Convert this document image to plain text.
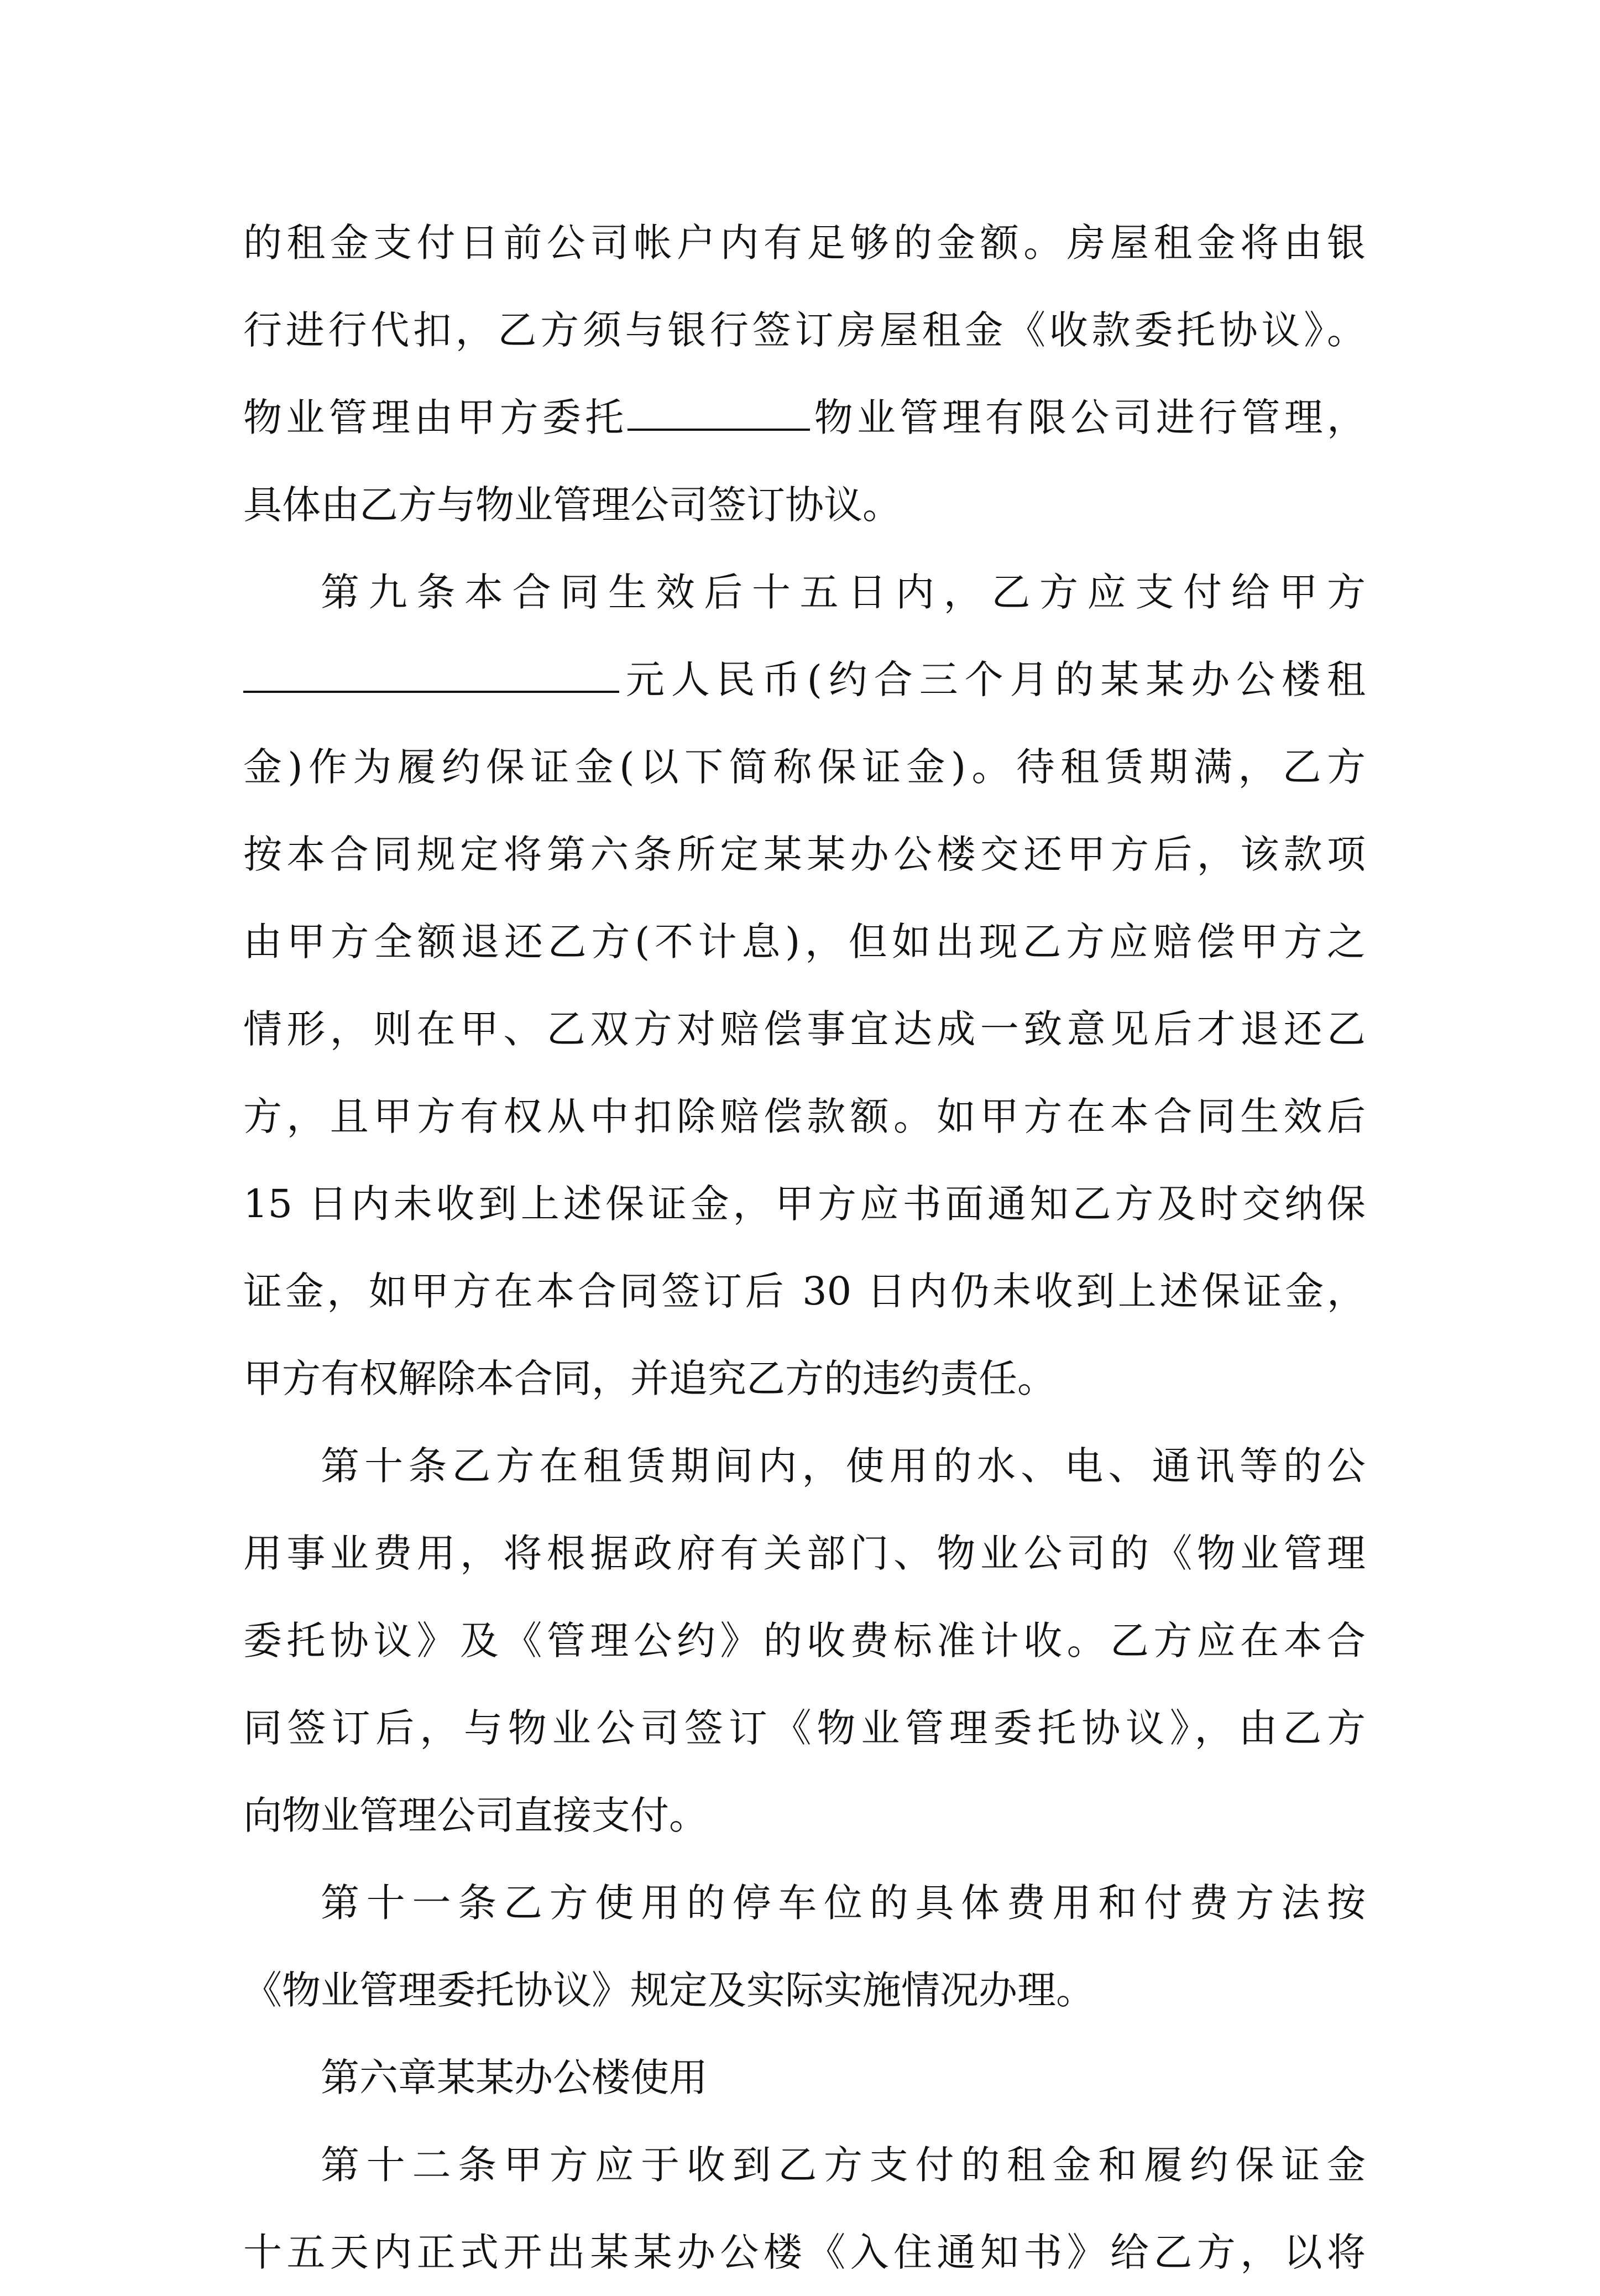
的租金支付日前公司帐户内有足够的金额。房屋租金将由银
行进行代扣，乙方须与银行签订房屋租金《收款委托协议》。
物业管理由甲方委托	物业管理有限公司进行管理，
具体由乙方与物业管理公司签订协议。
第九条本合同生效后十五日内，乙方应支付给甲方
元人民币(约合三个月的某某办公楼租
金)作为履约保证金(以下简称保证金)。待租赁期满，乙方
按本合同规定将第六条所定某某办公楼交还甲方后，该款项
由甲方全额退还乙方(不计息)，但如出现乙方应赔偿甲方之
情形，则在甲、乙双方对赔偿事宜达成一致意见后才退还乙
方，且甲方有权从中扣除赔偿款额。如甲方在本合同生效后
15 日内未收到上述保证金，甲方应书面通知乙方及时交纳保
证金，如甲方在本合同签订后 30 日内仍未收到上述保证金，
甲方有权解除本合同，并追究乙方的违约责任。
第十条乙方在租赁期间内，使用的水、电、通讯等的公
用事业费用，将根据政府有关部门、物业公司的《物业管理
委托协议》及《管理公约》的收费标准计收。乙方应在本合
同签订后，与物业公司签订《物业管理委托协议》，由乙方
向物业管理公司直接支付。
第十一条乙方使用的停车位的具体费用和付费方法按
《物业管理委托协议》规定及实际实施情况办理。
第六章某某办公楼使用
第十二条甲方应于收到乙方支付的租金和履约保证金
十五天内正式开出某某办公楼《入住通知书》给乙方，以将
